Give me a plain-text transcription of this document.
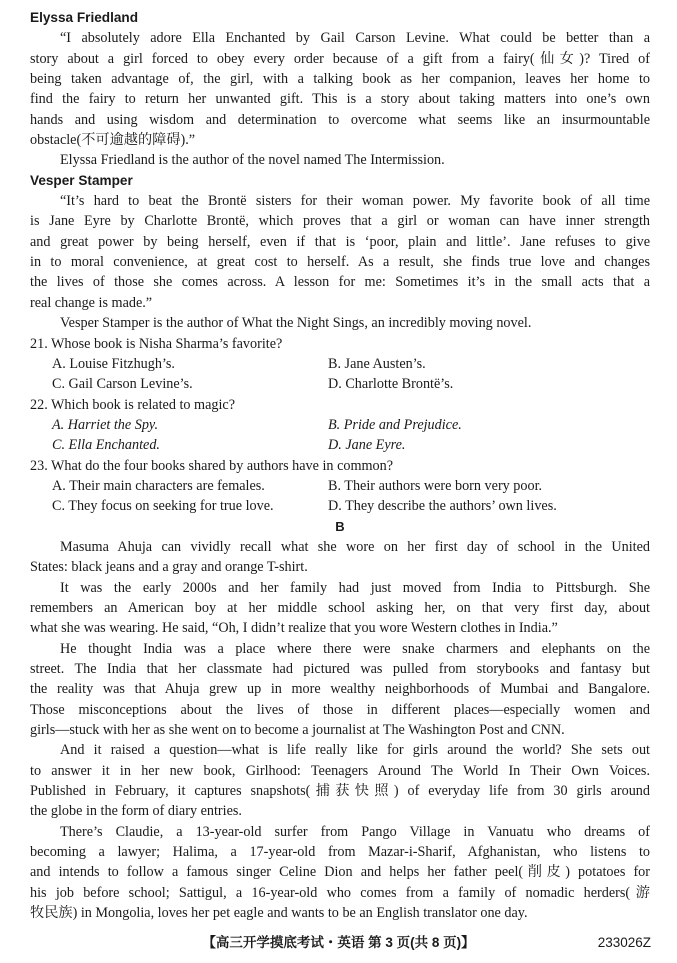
Elyssa Friedland
“I absolutely adore Ella Enchanted by Gail Carson Levine. What could be better than a
story about a girl forced to obey every order because of a gift from a fairy(仙女)? Tired of
being taken advantage of, the girl, with a talking book as her companion, leaves her home to
find the fairy to return her unwanted gift. This is a story about taking matters into one’s own
hands and using wisdom and determination to overcome what seems like an insurmountable
obstacle(不可逾越的障碍).”
Elyssa Friedland is the author of the novel named The Intermission.
Vesper Stamper
“It’s hard to beat the Brontë sisters for their woman power. My favorite book of all time
is Jane Eyre by Charlotte Brontë, which proves that a girl or woman can have inner strength
and great power by being herself, even if that is ‘poor, plain and little’. Jane refuses to give
in to moral convenience, at great cost to herself. As a result, she finds true love and changes
the lives of those she comes across. A lesson for me: Sometimes it’s in the small acts that a
real change is made.”
Vesper Stamper is the author of What the Night Sings, an incredibly moving novel.
21. Whose book is Nisha Sharma’s favorite?
A. Louise Fitzhugh’s.	B. Jane Austen’s.
C. Gail Carson Levine’s.	D. Charlotte Brontë’s.
22. Which book is related to magic?
A. Harriet the Spy.	B. Pride and Prejudice.
C. Ella Enchanted.	D. Jane Eyre.
23. What do the four books shared by authors have in common?
A. Their main characters are females.	B. Their authors were born very poor.
C. They focus on seeking for true love.	D. They describe the authors’ own lives.
B
Masuma Ahuja can vividly recall what she wore on her first day of school in the United
States: black jeans and a gray and orange T-shirt.
It was the early 2000s and her family had just moved from India to Pittsburgh. She
remembers an American boy at her middle school asking her, on that very first day, about
what she was wearing. He said, “Oh, I didn’t realize that you wore Western clothes in India.”
He thought India was a place where there were snake charmers and elephants on the
street. The India that her classmate had pictured was pulled from storybooks and fantasy but
the reality was that Ahuja grew up in more wealthy neighborhoods of Mumbai and Bangalore.
Those misconceptions about the lives of those in different places—especially women and
girls—stuck with her as she went on to become a journalist at The Washington Post and CNN.
And it raised a question—what is life really like for girls around the world? She sets out
to answer it in her new book, Girlhood: Teenagers Around The World In Their Own Voices.
Published in February, it captures snapshots(捕获快照) of everyday life from 30 girls around
the globe in the form of diary entries.
There’s Claudie, a 13-year-old surfer from Pango Village in Vanuatu who dreams of
becoming a lawyer; Halima, a 17-year-old from Mazar-i-Sharif, Afghanistan, who listens to
and intends to follow a famous singer Celine Dion and helps her father peel(削皮) potatoes for
his job before school; Sattigul, a 16-year-old who comes from a family of nomadic herders(游
牧民族) in Mongolia, loves her pet eagle and wants to be an English translator one day.
【高三开学摸底考试・英语 第 3 页(共 8 页)】	233026Z
